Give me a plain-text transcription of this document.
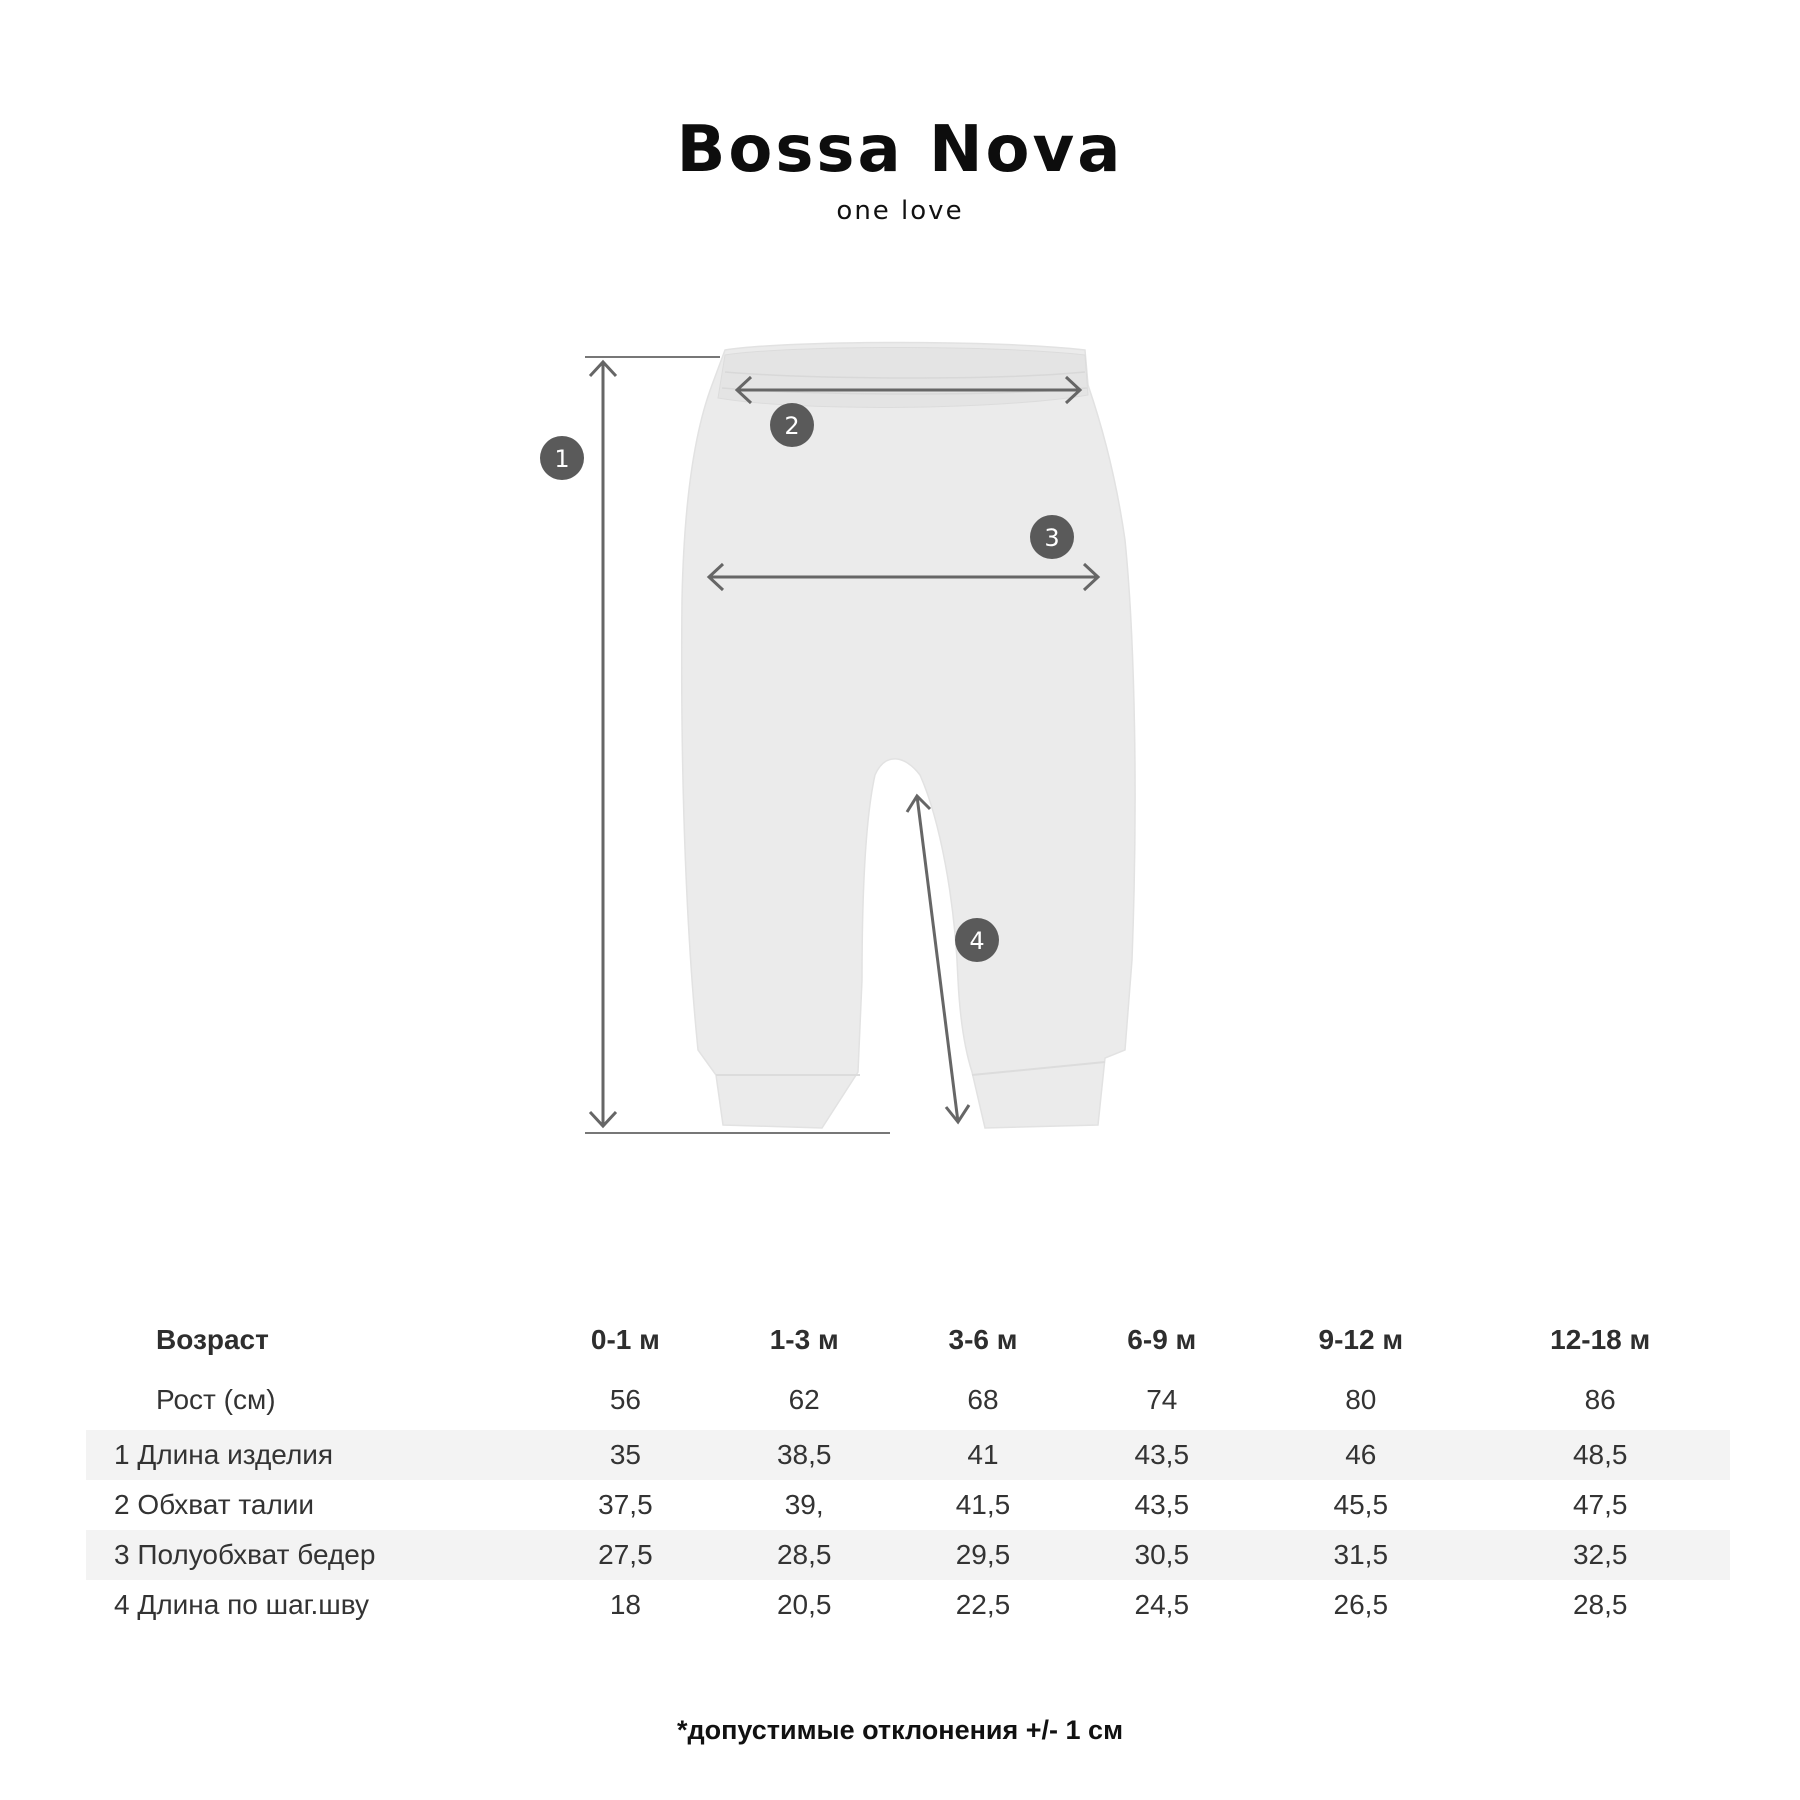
Bossa Nova
one love
1
2
3
4
Возраст	0-1 м	1-3 м	3-6 м	6-9 м	9-12 м	12-18 м
Рост (см)	56	62	68	74	80	86
1 Длина изделия	35	38,5	41	43,5	46	48,5
2 Обхват талии	37,5	39,	41,5	43,5	45,5	47,5
3 Полуобхват бедер	27,5	28,5	29,5	30,5	31,5	32,5
4 Длина по шаг.шву	18	20,5	22,5	24,5	26,5	28,5
*допустимые отклонения +/- 1 см
